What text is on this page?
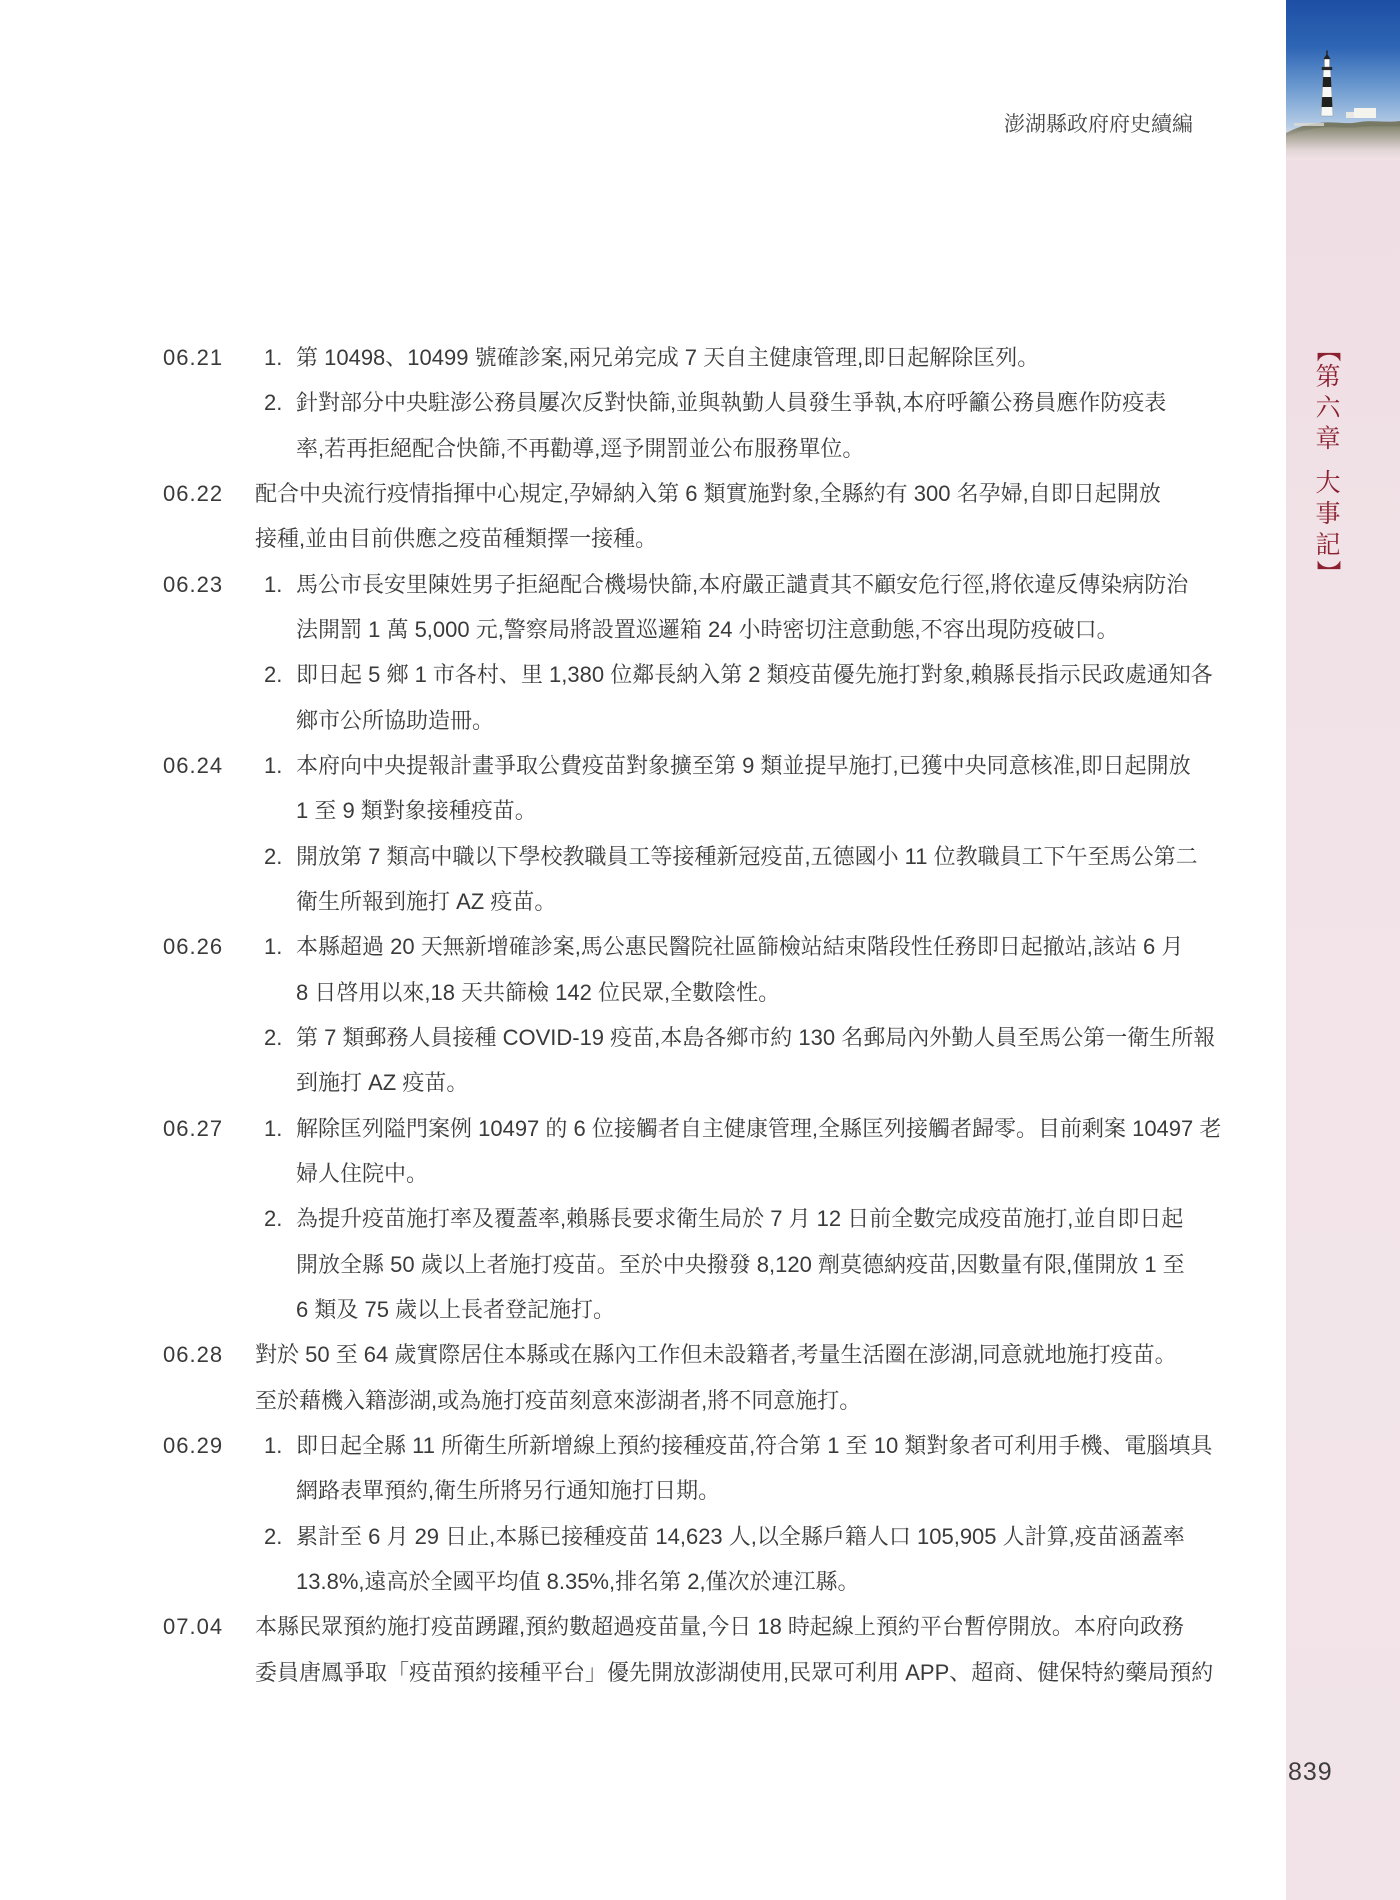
澎湖縣政府府史續編
【
第
六
章
大
事
記
】
06.21 1. 第 10498、10499 號確診案,兩兄弟完成 7 天自主健康管理,即日起解除匡列。
2. 針對部分中央駐澎公務員屢次反對快篩,並與執勤人員發生爭執,本府呼籲公務員應作防疫表
率,若再拒絕配合快篩,不再勸導,逕予開罰並公布服務單位。
06.22 配合中央流行疫情指揮中心規定,孕婦納入第 6 類實施對象,全縣約有 300 名孕婦,自即日起開放
接種,並由目前供應之疫苗種類擇一接種。
06.23 1. 馬公市長安里陳姓男子拒絕配合機場快篩,本府嚴正譴責其不顧安危行徑,將依違反傳染病防治
法開罰 1 萬 5,000 元,警察局將設置巡邏箱 24 小時密切注意動態,不容出現防疫破口。
2. 即日起 5 鄉 1 市各村、里 1,380 位鄰長納入第 2 類疫苗優先施打對象,賴縣長指示民政處通知各
鄉市公所協助造冊。
06.24 1. 本府向中央提報計畫爭取公費疫苗對象擴至第 9 類並提早施打,已獲中央同意核准,即日起開放
1 至 9 類對象接種疫苗。
2. 開放第 7 類高中職以下學校教職員工等接種新冠疫苗,五德國小 11 位教職員工下午至馬公第二
衛生所報到施打 AZ 疫苗。
06.26 1. 本縣超過 20 天無新增確診案,馬公惠民醫院社區篩檢站結束階段性任務即日起撤站,該站 6 月
8 日啓用以來,18 天共篩檢 142 位民眾,全數陰性。
2. 第 7 類郵務人員接種 COVID-19 疫苗,本島各鄉市約 130 名郵局內外勤人員至馬公第一衛生所報
到施打 AZ 疫苗。
06.27 1. 解除匡列隘門案例 10497 的 6 位接觸者自主健康管理,全縣匡列接觸者歸零。目前剩案 10497 老
婦人住院中。
2. 為提升疫苗施打率及覆蓋率,賴縣長要求衛生局於 7 月 12 日前全數完成疫苗施打,並自即日起
開放全縣 50 歲以上者施打疫苗。至於中央撥發 8,120 劑莫德納疫苗,因數量有限,僅開放 1 至
6 類及 75 歲以上長者登記施打。
06.28 對於 50 至 64 歲實際居住本縣或在縣內工作但未設籍者,考量生活圈在澎湖,同意就地施打疫苗。
至於藉機入籍澎湖,或為施打疫苗刻意來澎湖者,將不同意施打。
06.29 1. 即日起全縣 11 所衛生所新增線上預約接種疫苗,符合第 1 至 10 類對象者可利用手機、電腦填具
網路表單預約,衛生所將另行通知施打日期。
2. 累計至 6 月 29 日止,本縣已接種疫苗 14,623 人,以全縣戶籍人口 105,905 人計算,疫苗涵蓋率
13.8%,遠高於全國平均值 8.35%,排名第 2,僅次於連江縣。
07.04 本縣民眾預約施打疫苗踴躍,預約數超過疫苗量,今日 18 時起線上預約平台暫停開放。本府向政務
委員唐鳳爭取「疫苗預約接種平台」優先開放澎湖使用,民眾可利用 APP、超商、健保特約藥局預約
839
